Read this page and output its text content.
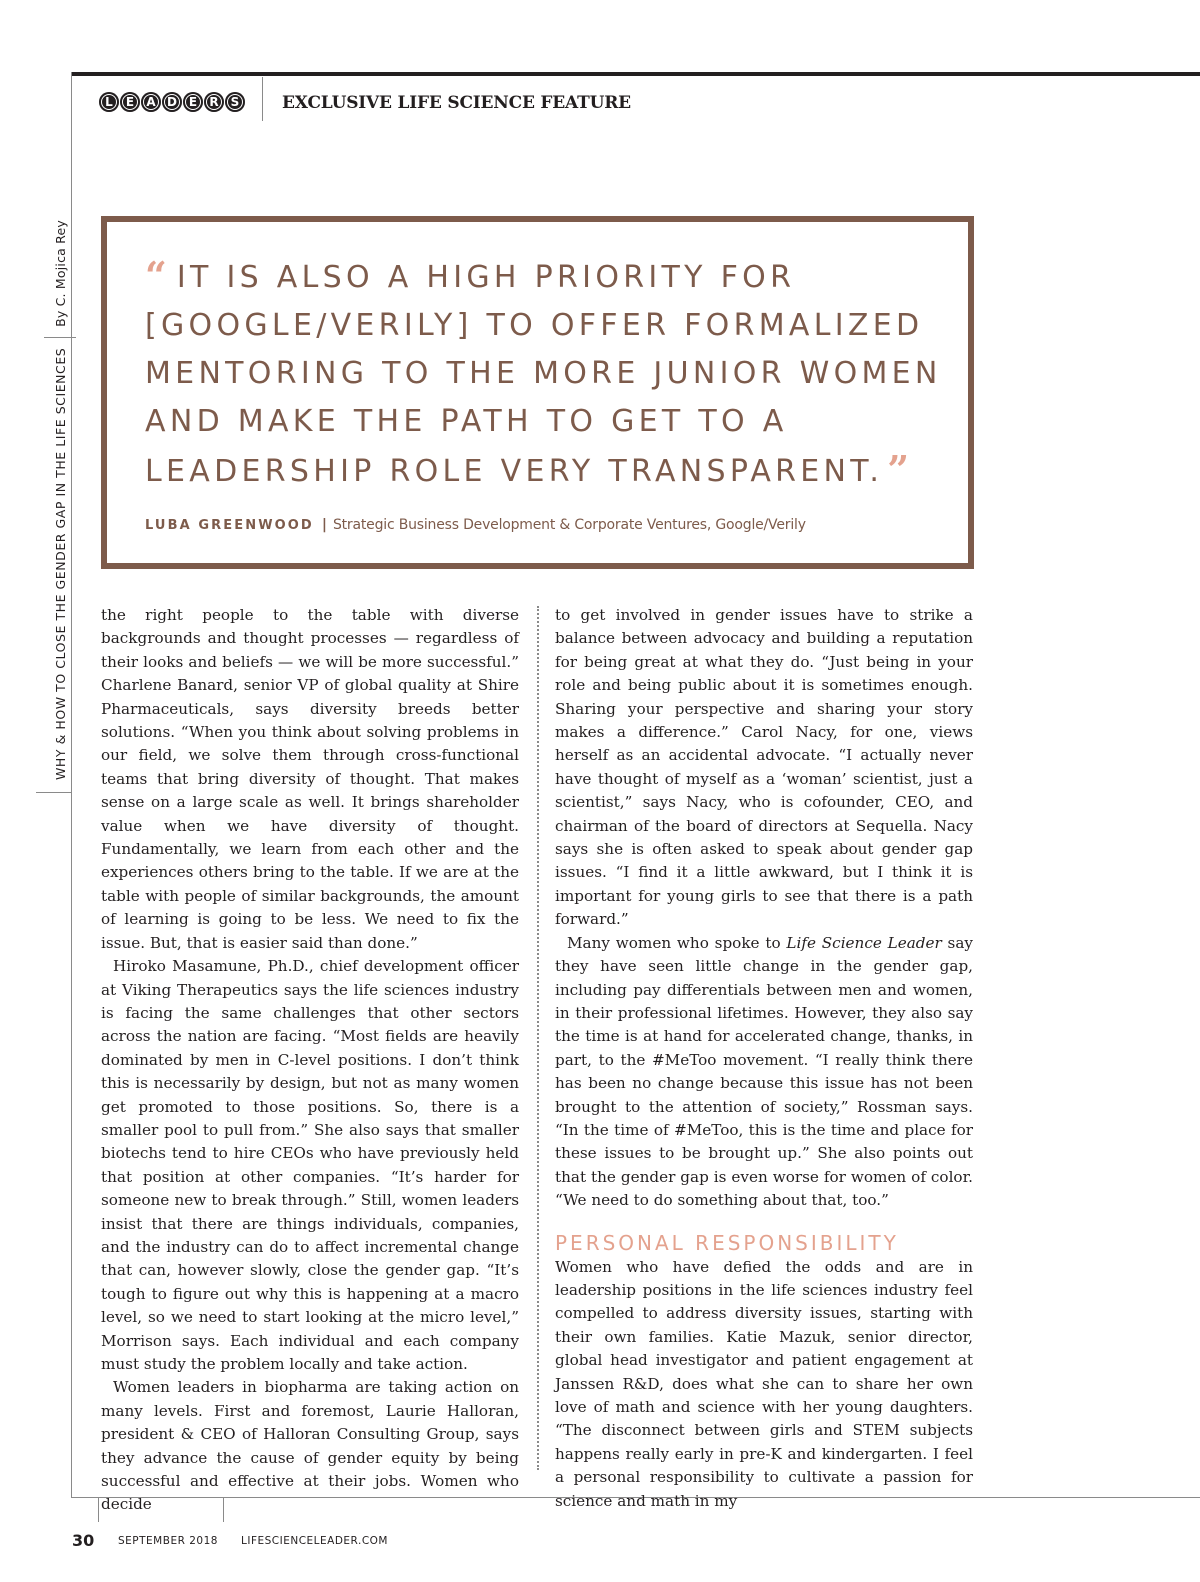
L	E	A D E	R	S	EXCLUSIVE LIFE SCIENCE FEATURE
WHY & HOW TO CLOSE THE GENDER GAP IN THE LIFE SCIENCES
By C. Mojica Rey “ IT IS ALSO A HIGH PRIORITY FOR [GOOGLE/VERILY] TO OFFER FORMALIZED MENTORING TO THE MORE JUNIOR WOMEN AND MAKE THE PATH TO GET TO A LEADERSHIP ROLE VERY TRANSPARENT. ”
LUBA GREENWOOD | Strategic Business Development & Corporate Ventures, Google/Verily

the right people to the table with diverse backgrounds and thought processes — regardless of their looks and beliefs — we will be more successful.” Charlene Banard, senior VP of global quality at Shire Pharmaceuticals, says diversity breeds better solutions. “When you think about solving problems in our field, we solve them through cross-functional teams that bring diversity of thought. That makes sense on a large scale as well. It brings shareholder value when we have diversity of thought. Fundamentally, we learn from each other and the experiences others bring to the table. If we are at the table with people of similar backgrounds, the amount of learning is going to be less. We need to fix the issue. But, that is easier said than done.”

Hiroko Masamune, Ph.D., chief development officer at Viking Therapeutics says the life sciences industry is facing the same challenges that other sectors across the nation are facing. “Most fields are heavily dominated by men in C-level positions. I don’t think this is necessarily by design, but not as many women get promoted to those positions. So, there is a smaller pool to pull from.” She also says that smaller biotechs tend to hire CEOs who have previously held that position at other companies. “It’s harder for someone new to break through.” Still, women leaders insist that there are things individuals, companies, and the industry can do to affect incremental change that can, however slowly, close the gender gap. “It’s tough to figure out why this is happening at a macro level, so we need to start looking at the micro level,” Morrison says. Each individual and each company must study the problem locally and take action.

Women leaders in biopharma are taking action on many levels. First and foremost, Laurie Halloran, president & CEO of Halloran Consulting Group, says they advance the cause of gender equity by being successful and effective at their jobs. Women who decide

to get involved in gender issues have to strike a balance between advocacy and building a reputation for being great at what they do. “Just being in your role and being public about it is sometimes enough. Sharing your perspective and sharing your story makes a difference.” Carol Nacy, for one, views herself as an accidental advocate. “I actually never have thought of myself as a ‘woman’ scientist, just a scientist,” says Nacy, who is cofounder, CEO, and chairman of the board of directors at Sequella. Nacy says she is often asked to speak about gender gap issues. “I find it a little awkward, but I think it is important for young girls to see that there is a path forward.”

Many women who spoke to Life Science Leader say they have seen little change in the gender gap, including pay differentials between men and women, in their professional lifetimes. However, they also say the time is at hand for accelerated change, thanks, in part, to the #MeToo movement. “I really think there has been no change because this issue has not been brought to the attention of society,” Rossman says. “In the time of #MeToo, this is the time and place for these issues to be brought up.” She also points out that the gender gap is even worse for women of color. “We need to do something about that, too.”

PERSONAL RESPONSIBILITY

Women who have defied the odds and are in leadership positions in the life sciences industry feel compelled to address diversity issues, starting with their own families. Katie Mazuk, senior director, global head investigator and patient engagement at Janssen R&D, does what she can to share her own love of math and science with her young daughters. “The disconnect between girls and STEM subjects happens really early in pre-K and kindergarten. I feel a personal responsibility to cultivate a passion for science and math in my

30 SEPTEMBER 2018 LIFESCIENCELEADER.COM
